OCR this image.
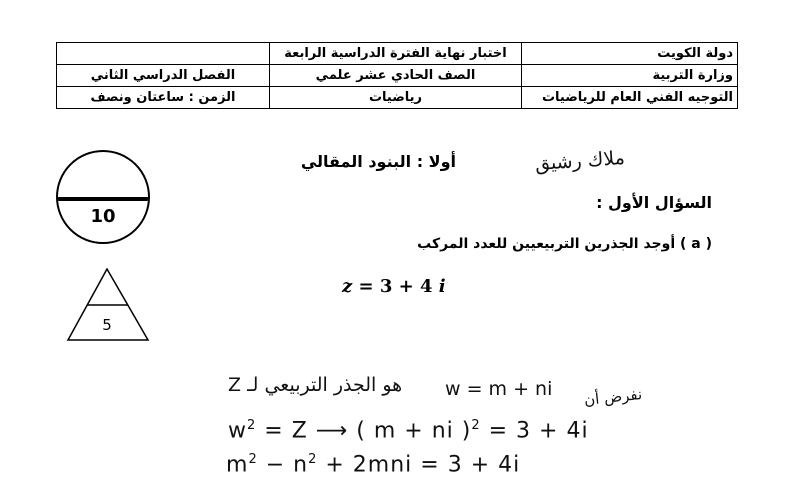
دولة الكويت	اختبار نهاية الفترة الدراسية الرابعة	
وزارة التربية	الصف الحادي عشر علمي	الفصل الدراسي الثاني
التوجيه الفني العام للرياضيات	رياضيات	الزمن : ساعتان ونصف
10
5
أولا : البنود المقالي
السؤال الأول :
( a ) أوجد الجذرين التربيعيين للعدد المركب
z = 3 + 4 i
ملاك رشيق
هو الجذر التربيعي لـ Z w = m + ni نفرض أن
$w^2 = Z$ ⟶ ( m + ni )$^2$ = 3 + 4i
$m^2 - n^2 + 2mni = 3 + 4i$
